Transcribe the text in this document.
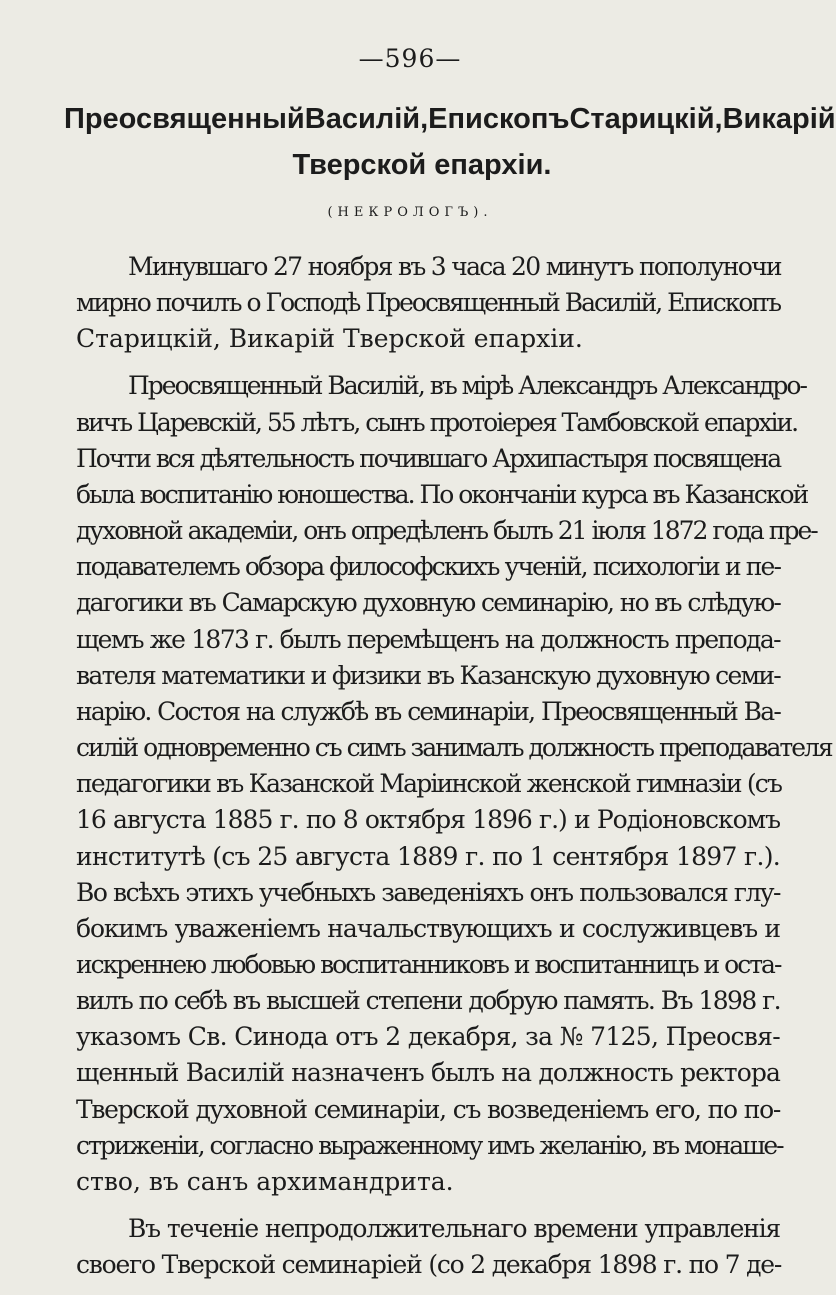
—596—
Преосвященный Василій, Епископъ Старицкій, Викарій
Тверской епархіи.
(НЕКРОЛОГЪ).
Минувшаго 27 ноября въ 3 часа 20 минутъ пополуночи
мирно почилъ о Господѣ Преосвященный Василій, Епископъ
Старицкій, Викарій Тверской епархіи.
Преосвященный Василій, въ мірѣ Александръ Александро-
вичъ Царевскій, 55 лѣтъ, сынъ протоіерея Тамбовской епархіи.
Почти вся дѣятельность почившаго Архипастыря посвящена
была воспитанію юношества. По окончаніи курса въ Казанской
духовной академіи, онъ опредѣленъ былъ 21 іюля 1872 года пре-
подавателемъ обзора философскихъ ученій, психологіи и пе-
дагогики въ Самарскую духовную семинарію, но въ слѣдую-
щемъ же 1873 г. былъ перемѣщенъ на должность препода-
вателя математики и физики въ Казанскую духовную семи-
нарію. Состоя на службѣ въ семинаріи, Преосвященный Ва-
силій одновременно съ симъ занималъ должность преподавателя
педагогики въ Казанской Маріинской женской гимназіи (съ
16 августа 1885 г. по 8 октября 1896 г.) и Родіоновскомъ
институтѣ (съ 25 августа 1889 г. по 1 сентября 1897 г.).
Во всѣхъ этихъ учебныхъ заведеніяхъ онъ пользовался глу-
бокимъ уваженіемъ начальствующихъ и сослуживцевъ и
искреннею любовью воспитанниковъ и воспитанницъ и оста-
вилъ по себѣ въ высшей степени добрую память. Въ 1898 г.
указомъ Св. Синода отъ 2 декабря, за № 7125, Преосвя-
щенный Василій назначенъ былъ на должность ректора
Тверской духовной семинаріи, съ возведеніемъ его, по по-
стриженіи, согласно выраженному имъ желанію, въ монаше-
ство, въ санъ архимандрита.
Въ теченіе непродолжительнаго времени управленія
своего Тверской семинаріей (со 2 декабря 1898 г. по 7 де-
